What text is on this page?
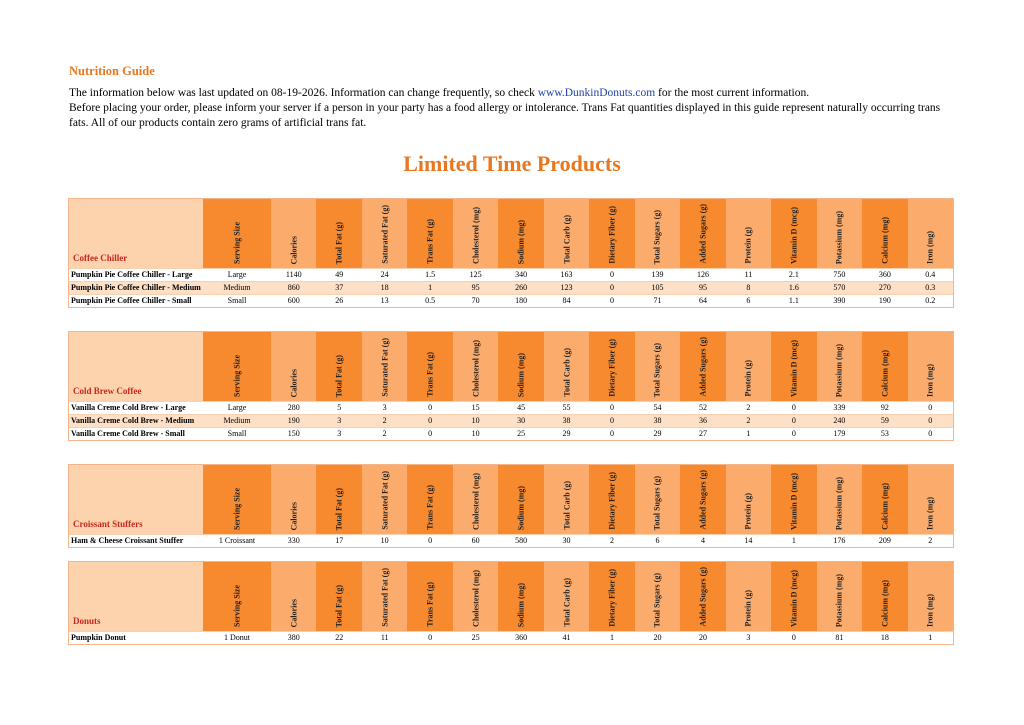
Nutrition Guide

The information below was last updated on 08-19-2026. Information can change frequently, so check www.DunkinDonuts.com for the most current information.

Before placing your order, please inform your server if a person in your party has a food allergy or intolerance. Trans Fat quantities displayed in this guide represent naturally occurring trans fats. All of our products contain zero grams of artificial trans fat.

Limited Time Products
Coffee Chiller	Serving Size	Calories	Total Fat (g)	Saturated Fat (g)	Trans Fat (g)	Cholesterol (mg)	Sodium (mg)	Total Carb (g)	Dietary Fiber (g)	Total Sugars (g)	Added Sugars (g)	Protein (g)	Vitamin D (mcg)	Potassium (mg)	Calcium (mg)	Iron (mg)
Pumpkin Pie Coffee Chiller - Large	Large	1140	49	24	1.5	125	340	163	0	139	126	11	2.1	750	360	0.4
Pumpkin Pie Coffee Chiller - Medium	Medium	860	37	18	1	95	260	123	0	105	95	8	1.6	570	270	0.3
Pumpkin Pie Coffee Chiller - Small	Small	600	26	13	0.5	70	180	84	0	71	64	6	1.1	390	190	0.2
Cold Brew Coffee	Serving Size	Calories	Total Fat (g)	Saturated Fat (g)	Trans Fat (g)	Cholesterol (mg)	Sodium (mg)	Total Carb (g)	Dietary Fiber (g)	Total Sugars (g)	Added Sugars (g)	Protein (g)	Vitamin D (mcg)	Potassium (mg)	Calcium (mg)	Iron (mg)
Vanilla Creme Cold Brew - Large	Large	280	5	3	0	15	45	55	0	54	52	2	0	339	92	0
Vanilla Creme Cold Brew - Medium	Medium	190	3	2	0	10	30	38	0	38	36	2	0	240	59	0
Vanilla Creme Cold Brew - Small	Small	150	3	2	0	10	25	29	0	29	27	1	0	179	53	0
Croissant Stuffers	Serving Size	Calories	Total Fat (g)	Saturated Fat (g)	Trans Fat (g)	Cholesterol (mg)	Sodium (mg)	Total Carb (g)	Dietary Fiber (g)	Total Sugars (g)	Added Sugars (g)	Protein (g)	Vitamin D (mcg)	Potassium (mg)	Calcium (mg)	Iron (mg)
Ham & Cheese Croissant Stuffer	1 Croissant	330	17	10	0	60	580	30	2	6	4	14	1	176	209	2
Donuts	Serving Size	Calories	Total Fat (g)	Saturated Fat (g)	Trans Fat (g)	Cholesterol (mg)	Sodium (mg)	Total Carb (g)	Dietary Fiber (g)	Total Sugars (g)	Added Sugars (g)	Protein (g)	Vitamin D (mcg)	Potassium (mg)	Calcium (mg)	Iron (mg)
Pumpkin Donut	1 Donut	380	22	11	0	25	360	41	1	20	20	3	0	81	18	1
